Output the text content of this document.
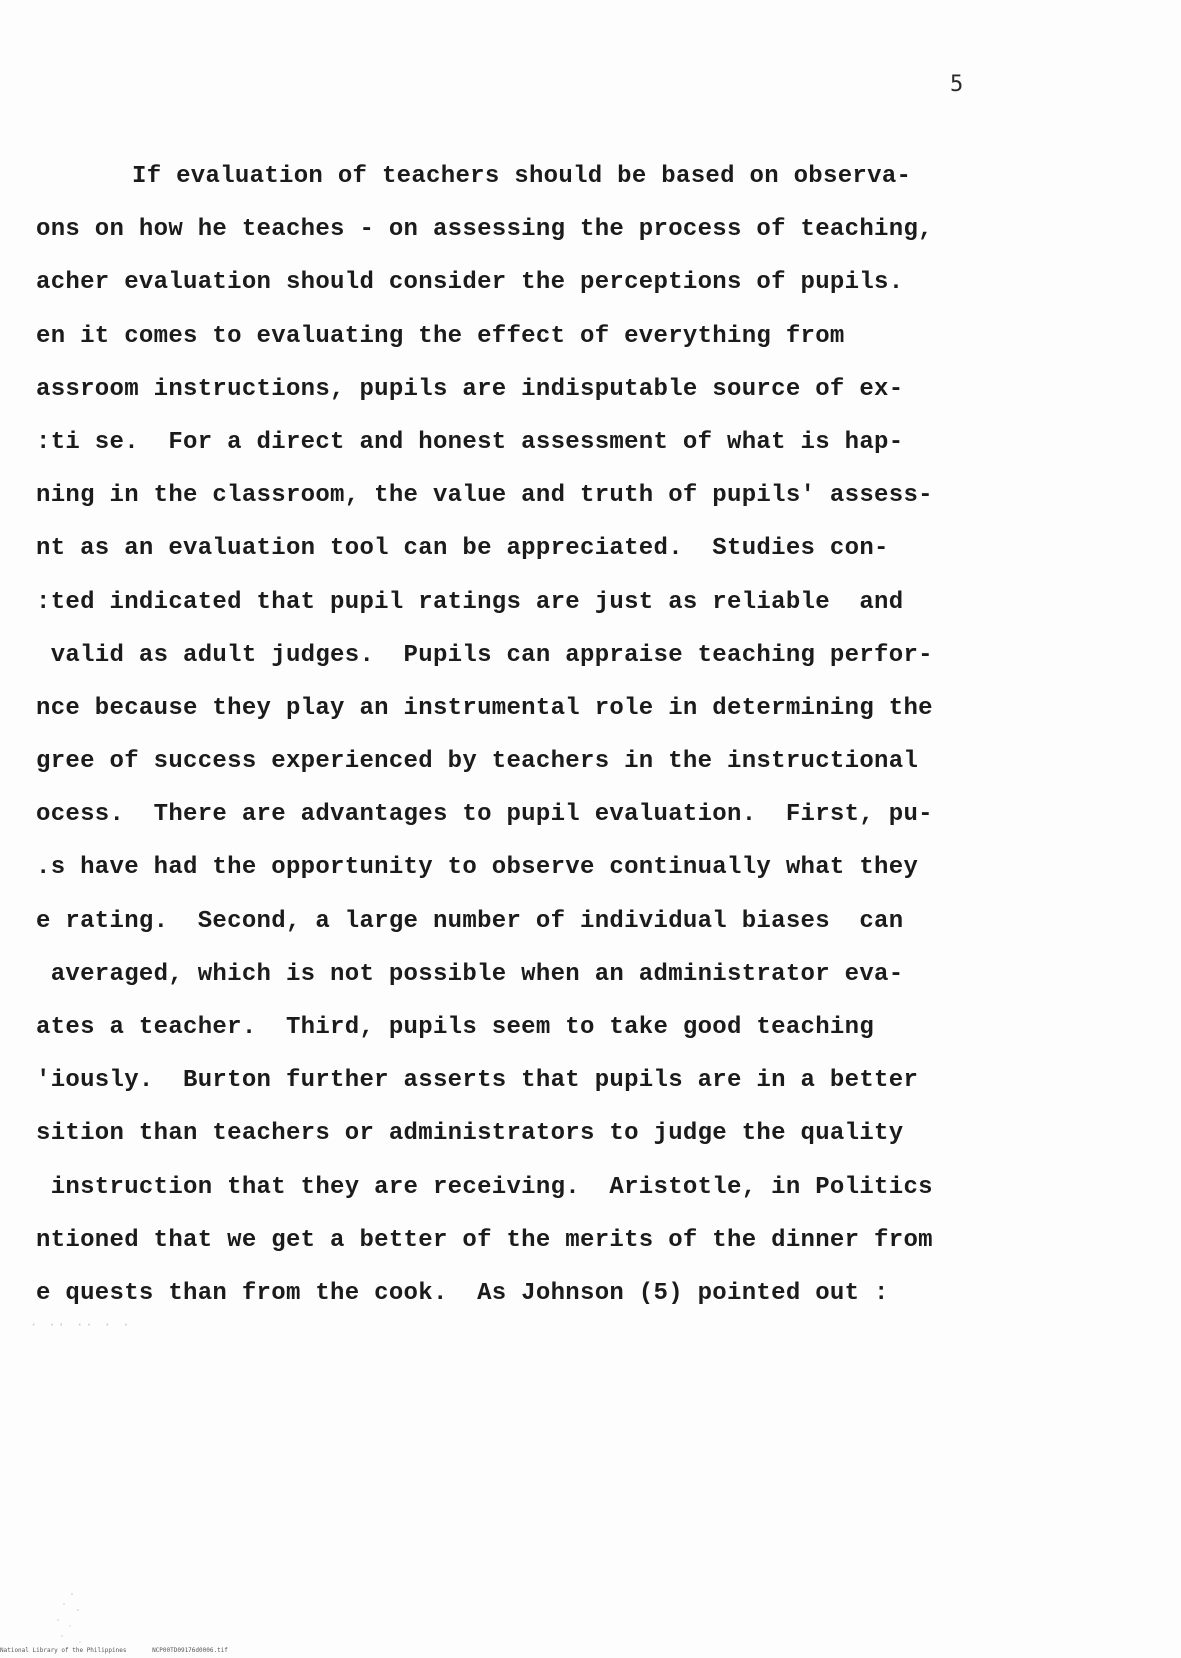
5
If evaluation of teachers should be based on observa-
ons on how he teaches - on assessing the process of teaching,
acher evaluation should consider the perceptions of pupils.
en it comes to evaluating the effect of everything from
assroom instructions, pupils are indisputable source of ex-
:ti se.  For a direct and honest assessment of what is hap-
ning in the classroom, the value and truth of pupils' assess-
nt as an evaluation tool can be appreciated.  Studies con-
:ted indicated that pupil ratings are just as reliable  and
valid as adult judges.  Pupils can appraise teaching perfor-
nce because they play an instrumental role in determining the
gree of success experienced by teachers in the instructional
ocess.  There are advantages to pupil evaluation.  First, pu-
.s have had the opportunity to observe continually what they
e rating.  Second, a large number of individual biases  can
averaged, which is not possible when an administrator eva-
ates a teacher.  Third, pupils seem to take good teaching
'iously.  Burton further asserts that pupils are in a better
sition than teachers or administrators to judge the quality
instruction that they are receiving.  Aristotle, in Politics
ntioned that we get a better of the merits of the dinner from
e quests than from the cook.  As Johnson (5) pointed out :
· ·· ·· · ·
National Library of the Philippines	NCP00TD09176d0006.tif
